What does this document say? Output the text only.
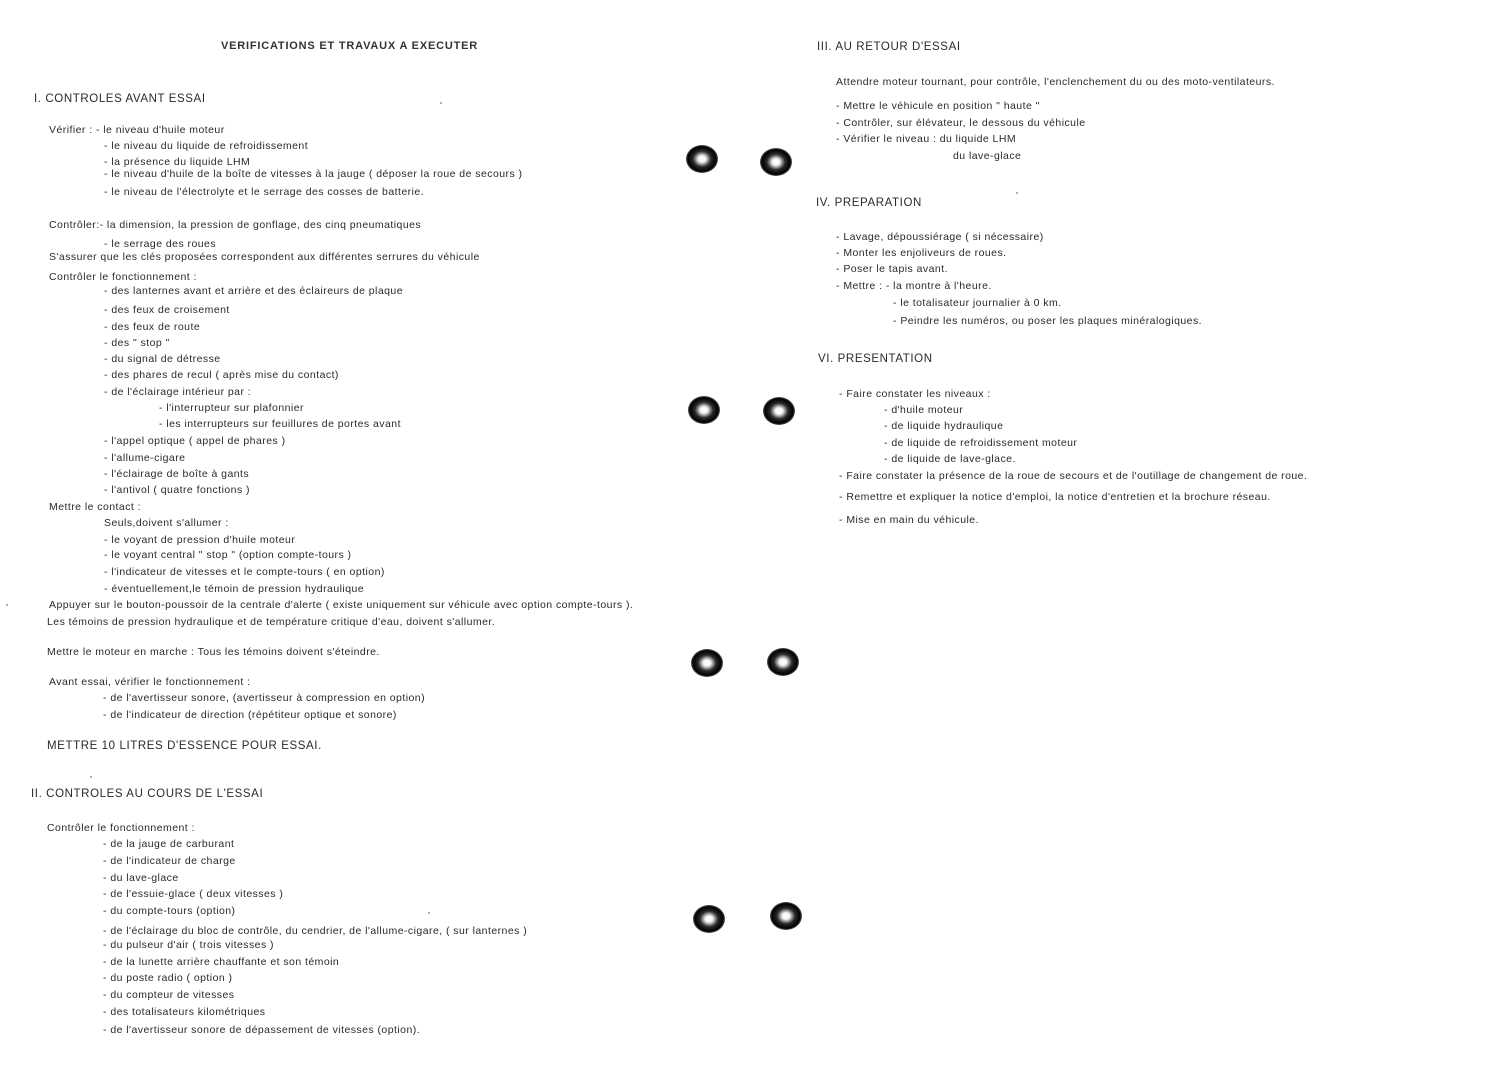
VERIFICATIONS ET TRAVAUX A EXECUTER
I. CONTROLES AVANT ESSAI
Vérifier : - le niveau d'huile moteur
- le niveau du liquide de refroidissement
- la présence du liquide LHM
- le niveau d'huile de la boîte de vitesses à la jauge ( déposer la roue de secours )
- le niveau de l'électrolyte et le serrage des cosses de batterie.
Contrôler:- la dimension, la pression de gonflage, des cinq pneumatiques
- le serrage des roues
S'assurer que les clés proposées correspondent aux différentes serrures du véhicule
Contrôler le fonctionnement :
- des lanternes avant et arrière et des éclaireurs de plaque
- des feux de croisement
- des feux de route
- des " stop "
- du signal de détresse
- des phares de recul ( après mise du contact)
- de l'éclairage intérieur par :
- l'interrupteur sur plafonnier
- les interrupteurs sur feuillures de portes avant
- l'appel optique ( appel de phares )
- l'allume-cigare
- l'éclairage de boîte à gants
- l'antivol ( quatre fonctions )
Mettre le contact :
Seuls,doivent s'allumer :
- le voyant de pression d'huile moteur
- le voyant central " stop " (option compte-tours )
- l'indicateur de vitesses et le compte-tours ( en option)
- éventuellement,le témoin de pression hydraulique
Appuyer sur le bouton-poussoir de la centrale d'alerte ( existe uniquement sur véhicule avec option compte-tours ).
Les témoins de pression hydraulique et de température critique d'eau, doivent s'allumer.
Mettre le moteur en marche : Tous les témoins doivent s'éteindre.
Avant essai, vérifier le fonctionnement :
- de l'avertisseur sonore, (avertisseur à compression en option)
- de l'indicateur de direction (répétiteur optique et sonore)
METTRE 10 LITRES D'ESSENCE POUR ESSAI.
II. CONTROLES AU COURS DE L'ESSAI
Contrôler le fonctionnement :
- de la jauge de carburant
- de l'indicateur de charge
- du lave-glace
- de l'essuie-glace ( deux vitesses )
- du compte-tours (option)
- de l'éclairage du bloc de contrôle, du cendrier, de l'allume-cigare, ( sur lanternes )
- du pulseur d'air ( trois vitesses )
- de la lunette arrière chauffante et son témoin
- du poste radio ( option )
- du compteur de vitesses
- des totalisateurs kilométriques
- de l'avertisseur sonore de dépassement de vitesses (option).
III. AU RETOUR D'ESSAI
Attendre moteur tournant, pour contrôle, l'enclenchement du ou des moto-ventilateurs.
- Mettre le véhicule en position " haute "
- Contrôler, sur élévateur, le dessous du véhicule
- Vérifier le niveau : du liquide LHM
du lave-glace
IV. PREPARATION
- Lavage, dépoussiérage ( si nécessaire)
- Monter les enjoliveurs de roues.
- Poser le tapis avant.
- Mettre : - la montre à l'heure.
- le totalisateur journalier à 0 km.
- Peindre les numéros, ou poser les plaques minéralogiques.
VI. PRESENTATION
- Faire constater les niveaux :
- d'huile moteur
- de liquide hydraulique
- de liquide de refroidissement moteur
- de liquide de lave-glace.
- Faire constater la présence de la roue de secours et de l'outillage de changement de roue.
- Remettre et expliquer la notice d'emploi, la notice d'entretien et la brochure réseau.
- Mise en main du véhicule.
